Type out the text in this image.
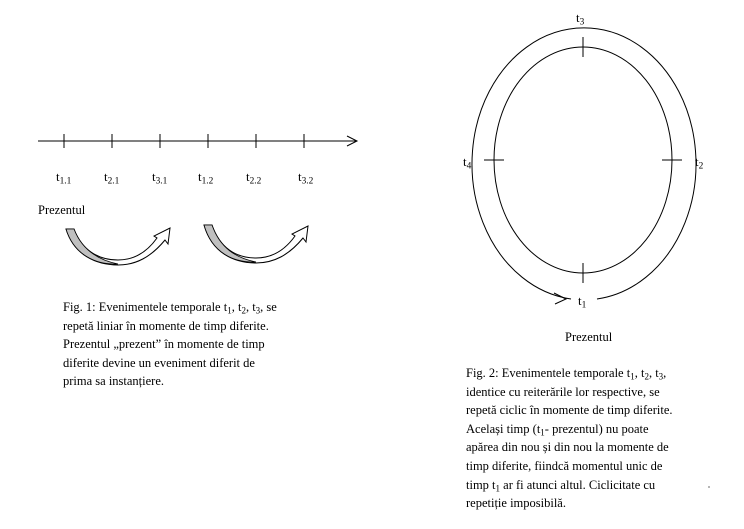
$t_{1.1}$	$t_{2.1}$	$t_{3.1}$ $t_{1.2}$	$t_{2.2}$	$t_{3.2}$
Prezentul
Fig. 1: Evenimentele temporale $t_1$, $t_2$, $t_3$, se
repetă liniar în momente de timp diferite.
Prezentul „prezent” în momente de timp
diferite devine un eveniment diferit de
prima sa instanțiere.
$t_3$
$t_2$
$t_4$
$t_1$
Prezentul
Fig. 2: Evenimentele temporale $t_1$, $t_2$, $t_3$,
identice cu reiterările lor respective, se
repetă ciclic în momente de timp diferite.
Același timp ($t_1-$ prezentul) nu poate
apărea din nou și din nou la momente de
timp diferite, fiindcă momentul unic de
timp $t_1$ ar fi atunci altul. Ciclicitate cu
repetiție imposibilă.
